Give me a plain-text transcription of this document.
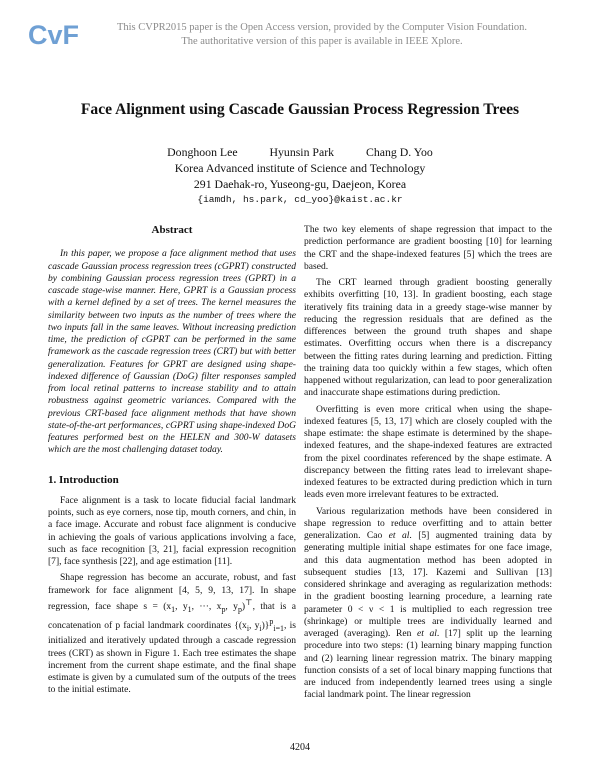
CvF	This CVPR2015 paper is the Open Access version, provided by the Computer Vision Foundation.
The authoritative version of this paper is available in IEEE Xplore.
Face Alignment using Cascade Gaussian Process Regression Trees
Donghoon Lee	Hyunsin Park	Chang D. Yoo
Korea Advanced institute of Science and Technology
291 Daehak-ro, Yuseong-gu, Daejeon, Korea
{iamdh, hs.park, cd_yoo}@kaist.ac.kr
Abstract

In this paper, we propose a face alignment method that uses cascade Gaussian process regression trees (cGPRT) constructed by combining Gaussian process regression trees (GPRT) in a cascade stage-wise manner. Here, GPRT is a Gaussian process with a kernel defined by a set of trees. The kernel measures the similarity between two inputs as the number of trees where the two inputs fall in the same leaves. Without increasing prediction time, the prediction of cGPRT can be performed in the same framework as the cascade regression trees (CRT) but with better generalization. Features for GPRT are designed using shape-indexed difference of Gaussian (DoG) filter responses sampled from local retinal patterns to increase stability and to attain robustness against geometric variances. Compared with the previous CRT-based face alignment methods that have shown state-of-the-art performances, cGPRT using shape-indexed DoG features performed best on the HELEN and 300-W datasets which are the most challenging dataset today.

1. Introduction

Face alignment is a task to locate fiducial facial landmark points, such as eye corners, nose tip, mouth corners, and chin, in a face image. Accurate and robust face alignment is conducive in achieving the goals of various applications involving a face, such as face recognition [3, 21], facial expression recognition [7], face synthesis [22], and age estimation [11].

Shape regression has become an accurate, robust, and fast framework for face alignment [4, 5, 9, 13, 17]. In shape regression, face shape $s = (x_1$, $y_1$, ···, $x_p$, $y_p)^⊤$, that is a concatenation of p facial landmark coordinates {($x_i$, $y_i)\}^p_{i=1}$, is initialized and iteratively updated through a cascade regression trees (CRT) as shown in Figure 1. Each tree estimates the shape increment from the current shape estimate, and the final shape estimate is given by a cumulated sum of the outputs of the trees to the initial estimate.

The two key elements of shape regression that impact to the prediction performance are gradient boosting [10] for learning the CRT and the shape-indexed features [5] which the trees are based.

The CRT learned through gradient boosting generally exhibits overfitting [10, 13]. In gradient boosting, each stage iteratively fits training data in a greedy stage-wise manner by reducing the regression residuals that are defined as the differences between the ground truth shapes and shape estimates. Overfitting occurs when there is a discrepancy between the fitting rates during learning and prediction. Fitting the training data too quickly within a few stages, which often happened without regularization, can lead to poor generalization and inaccurate shape estimations during prediction.

Overfitting is even more critical when using the shape-indexed features [5, 13, 17] which are closely coupled with the shape estimate: the shape estimate is determined by the shape-indexed features, and the shape-indexed features are extracted from the pixel coordinates referenced by the shape estimate. A discrepancy between the fitting rates lead to irrelevant shape-indexed features to be extracted during prediction which in turn leads even more irrelevant features to be extracted.

Various regularization methods have been considered in shape regression to reduce overfitting and to attain better generalization. Cao et al. [5] augmented training data by generating multiple initial shape estimates for one face image, and this data augmentation method has been adopted in subsequent studies [13, 17]. Kazemi and Sullivan [13] considered shrinkage and averaging as regularization methods: in the gradient boosting learning procedure, a learning rate parameter 0 < ν < 1 is multiplied to each regression tree (shrinkage) or multiple trees are individually learned and averaged (averaging). Ren et al. [17] split up the learning procedure into two steps: (1) learning binary mapping function and (2) learning linear regression matrix. The binary mapping function consists of a set of local binary mapping functions that are induced from independently learned trees using a single facial landmark point. The linear regression

4204
